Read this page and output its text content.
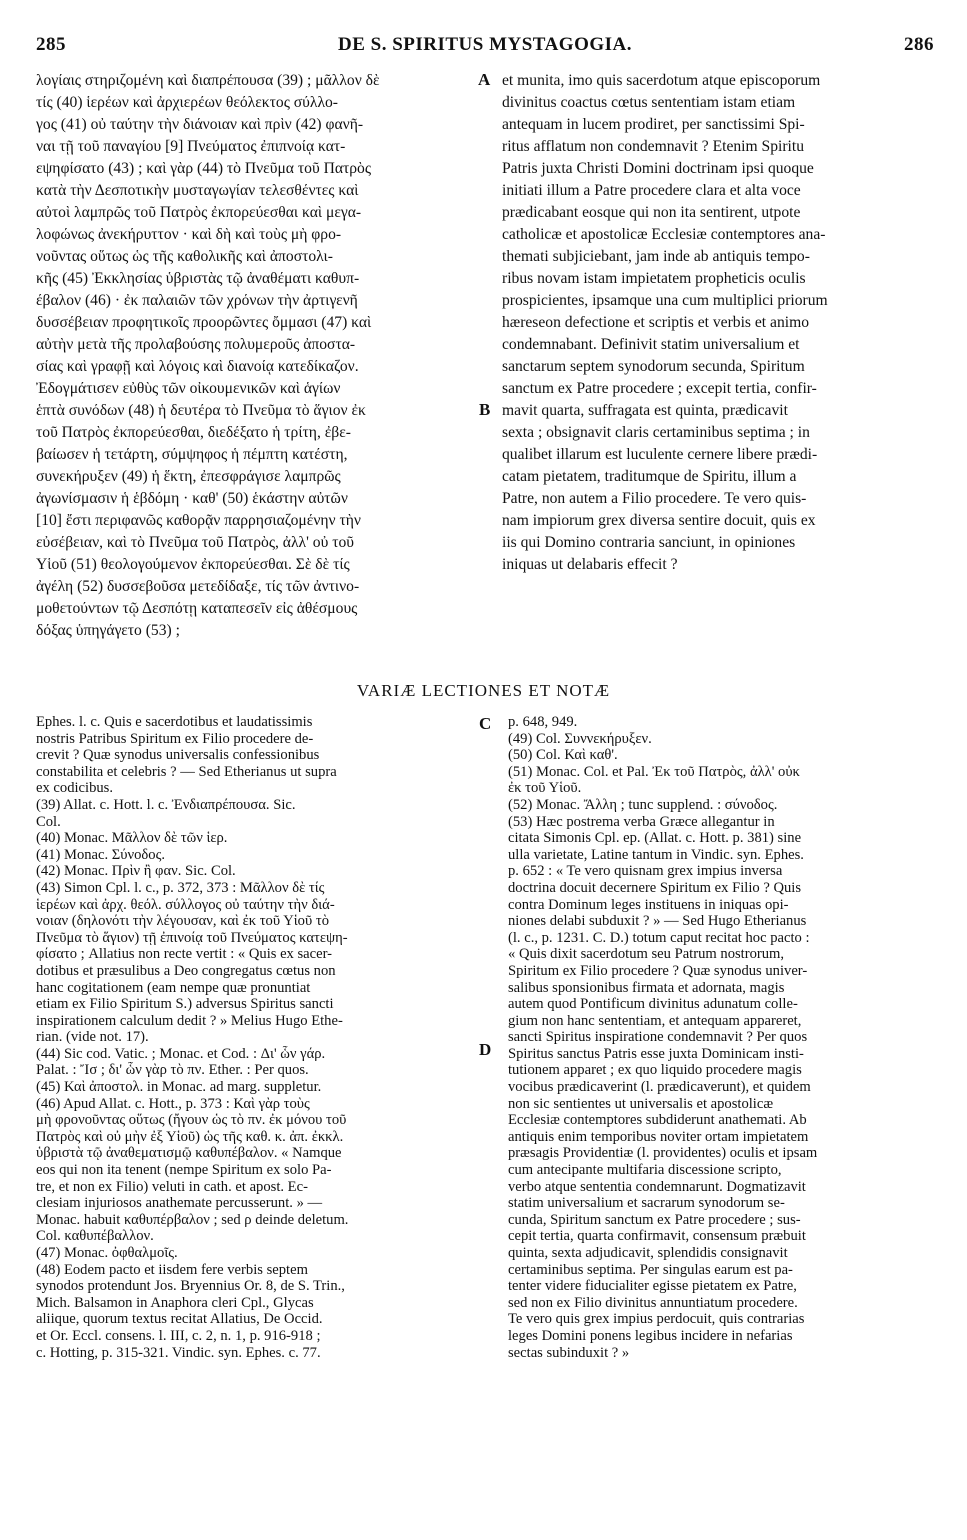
285	DE S. SPIRITUS MYSTAGOGIA.	286
λογίαις στηριζομένη καὶ διαπρέπουσα (39) ; μᾶλλον δὲ
τίς (40) ἱερέων καὶ ἀρχιερέων θεόλεκτος σύλλο-
γος (41) οὐ ταύτην τὴν διάνοιαν καὶ πρὶν (42) φανῆ-
ναι τῇ τοῦ παναγίου [9] Πνεύματος ἐπιπνοίᾳ κατ-
εψηφίσατο (43) ; καὶ γὰρ (44) τὸ Πνεῦμα τοῦ Πατρὸς
κατὰ τὴν Δεσποτικὴν μυσταγωγίαν τελεσθέντες καὶ
αὐτοὶ λαμπρῶς τοῦ Πατρὸς ἐκπορεύεσθαι καὶ μεγα-
λοφώνως ἀνεκήρυττον · καὶ δὴ καὶ τοὺς μὴ φρο-
νοῦντας οὕτως ὡς τῆς καθολικῆς καὶ ἀποστολι-
κῆς (45) Ἐκκλησίας ὑβριστὰς τῷ ἀναθέματι καθυπ-
έβαλον (46) · ἐκ παλαιῶν τῶν χρόνων τὴν ἀρτιγενῆ
δυσσέβειαν προφητικοῖς προορῶντες ὄμμασι (47) καὶ
αὐτὴν μετὰ τῆς προλαβούσης πολυμεροῦς ἀποστα-
σίας καὶ γραφῇ καὶ λόγοις καὶ διανοίᾳ κατεδίκαζον.
Ἐδογμάτισεν εὐθὺς τῶν οἰκουμενικῶν καὶ ἁγίων
ἑπτὰ συνόδων (48) ἡ δευτέρα τὸ Πνεῦμα τὸ ἅγιον ἐκ
τοῦ Πατρὸς ἐκπορεύεσθαι, διεδέξατο ἡ τρίτη, ἐβε-
βαίωσεν ἡ τετάρτη, σύμψηφος ἡ πέμπτη κατέστη,
συνεκήρυξεν (49) ἡ ἕκτη, ἐπεσφράγισε λαμπρῶς
ἀγωνίσμασιν ἡ ἑβδόμη · καθ' (50) ἑκάστην αὐτῶν
[10] ἔστι περιφανῶς καθορᾷν παρρησιαζομένην τὴν
εὐσέβειαν, καὶ τὸ Πνεῦμα τοῦ Πατρὸς, ἀλλ' οὐ τοῦ
Υἱοῦ (51) θεολογούμενον ἐκπορεύεσθαι. Σὲ δὲ τίς
ἀγέλη (52) δυσσεβοῦσα μετεδίδαξε, τίς τῶν ἀντινο-
μοθετούντων τῷ Δεσπότῃ καταπεσεῖν εἰς ἀθέσμους
δόξας ὑπηγάγετο (53) ;
et munita, imo quis sacerdotum atque episcoporum
divinitus coactus cœtus sententiam istam etiam
antequam in lucem prodiret, per sanctissimi Spi-
ritus afflatum non condemnavit ? Etenim Spiritu
Patris juxta Christi Domini doctrinam ipsi quoque
initiati illum a Patre procedere clara et alta voce
prædicabant eosque qui non ita sentirent, utpote
catholicæ et apostolicæ Ecclesiæ contemptores ana-
themati subjiciebant, jam inde ab antiquis tempo-
ribus novam istam impietatem propheticis oculis
prospicientes, ipsamque una cum multiplici priorum
hæreseon defectione et scriptis et verbis et animo
condemnabant. Definivit statim universalium et
sanctarum septem synodorum secunda, Spiritum
sanctum ex Patre procedere ; excepit tertia, confir-
mavit quarta, suffragata est quinta, prædicavit
sexta ; obsignavit claris certaminibus septima ; in
qualibet illarum est luculente cernere libere prædi-
catam pietatem, traditumque de Spiritu, illum a
Patre, non autem a Filio procedere. Te vero quis-
nam impiorum grex diversa sentire docuit, quis ex
iis qui Domino contraria sanciunt, in opiniones
iniquas ut delabaris effecit ?
A
B
C
D
VARIÆ LECTIONES ET NOTÆ
Ephes. l. c. Quis e sacerdotibus et laudatissimis
nostris Patribus Spiritum ex Filio procedere de-
crevit ? Quæ synodus universalis confessionibus
constabilita et celebris ? — Sed Etherianus ut supra
ex codicibus.
(39) Allat. c. Hott. l. c. Ἐνδιαπρέπουσα. Sic.
Col.
(40) Monac. Μᾶλλον δὲ τῶν ἱερ.
(41) Monac. Σύνοδος.
(42) Monac. Πρὶν ἢ φαν. Sic. Col.
(43) Simon Cpl. l. c., p. 372, 373 : Μᾶλλον δὲ τίς
ἱερέων καὶ ἀρχ. θεόλ. σύλλογος οὐ ταύτην τὴν διά-
νοιαν (δηλονότι τὴν λέγουσαν, καὶ ἐκ τοῦ Υἱοῦ τὸ
Πνεῦμα τὸ ἅγιον) τῇ ἐπινοίᾳ τοῦ Πνεύματος κατεψη-
φίσατο ; Allatius non recte vertit : « Quis ex sacer-
dotibus et præsulibus a Deo congregatus cœtus non
hanc cogitationem (eam nempe quæ pronuntiat
etiam ex Filio Spiritum S.) adversus Spiritus sancti
inspirationem calculum dedit ? » Melius Hugo Ethe-
rian. (vide not. 17).
(44) Sic cod. Vatic. ; Monac. et Cod. : Δι' ὧν γάρ.
Palat. : Ἴσ ; δι' ὧν γὰρ τὸ πν. Ether. : Per quos.
(45) Καὶ ἀποστολ. in Monac. ad marg. suppletur.
(46) Apud Allat. c. Hott., p. 373 : Καὶ γὰρ τοὺς
μὴ φρονοῦντας οὕτως (ἤγουν ὡς τὸ πν. ἐκ μόνου τοῦ
Πατρὸς καὶ οὐ μὴν ἐξ Υἱοῦ) ὡς τῆς καθ. κ. ἀπ. ἐκκλ.
ὑβριστὰ τῷ ἀναθεματισμῷ καθυπέβαλον. « Namque
eos qui non ita tenent (nempe Spiritum ex solo Pa-
tre, et non ex Filio) veluti in cath. et apost. Ec-
clesiam injuriosos anathemate percusserunt. » —
Monac. habuit καθυπέρβαλον ; sed ρ deinde deletum.
Col. καθυπέβαλλον.
(47) Monac. ὀφθαλμοῖς.
(48) Eodem pacto et iisdem fere verbis septem
synodos protendunt Jos. Bryennius Or. 8, de S. Trin.,
Mich. Balsamon in Anaphora cleri Cpl., Glycas
aliique, quorum textus recitat Allatius, De Occid.
et Or. Eccl. consens. l. III, c. 2, n. 1, p. 916-918 ;
c. Hotting, p. 315-321. Vindic. syn. Ephes. c. 77.
p. 648, 949.
(49) Col. Συννεκήρυξεν.
(50) Col. Καὶ καθ'.
(51) Monac. Col. et Pal. Ἐκ τοῦ Πατρὸς, ἀλλ' οὐκ
ἐκ τοῦ Υἱοῦ.
(52) Monac. Ἄλλη ; tunc supplend. : σύνοδος.
(53) Hæc postrema verba Græce allegantur in
citata Simonis Cpl. ep. (Allat. c. Hott. p. 381) sine
ulla varietate, Latine tantum in Vindic. syn. Ephes.
p. 652 : « Te vero quisnam grex impius inversa
doctrina docuit decernere Spiritum ex Filio ? Quis
contra Dominum leges instituens in iniquas opi-
niones delabi subduxit ? » — Sed Hugo Etherianus
(l. c., p. 1231. C. D.) totum caput recitat hoc pacto :
« Quis dixit sacerdotum seu Patrum nostrorum,
Spiritum ex Filio procedere ? Quæ synodus univer-
salibus sponsionibus firmata et adornata, magis
autem quod Pontificum divinitus adunatum colle-
gium non hanc sententiam, et antequam appareret,
sancti Spiritus inspiratione condemnavit ? Per quos
Spiritus sanctus Patris esse juxta Dominicam insti-
tutionem apparet ; ex quo liquido procedere magis
vocibus prædicaverint (l. prædicaverunt), et quidem
non sic sentientes ut universalis et apostolicæ
Ecclesiæ contemptores subdiderunt anathemati. Ab
antiquis enim temporibus noviter ortam impietatem
præsagis Providentiæ (l. providentes) oculis et ipsam
cum antecipante multifaria discessione scripto,
verbo atque sententia condemnarunt. Dogmatizavit
statim universalium et sacrarum synodorum se-
cunda, Spiritum sanctum ex Patre procedere ; sus-
cepit tertia, quarta confirmavit, consensum præbuit
quinta, sexta adjudicavit, splendidis consignavit
certaminibus septima. Per singulas earum est pa-
tenter videre fiducialiter egisse pietatem ex Patre,
sed non ex Filio divinitus annuntiatum procedere.
Te vero quis grex impius perdocuit, quis contrarias
leges Domini ponens legibus incidere in nefarias
sectas subinduxit ? »
